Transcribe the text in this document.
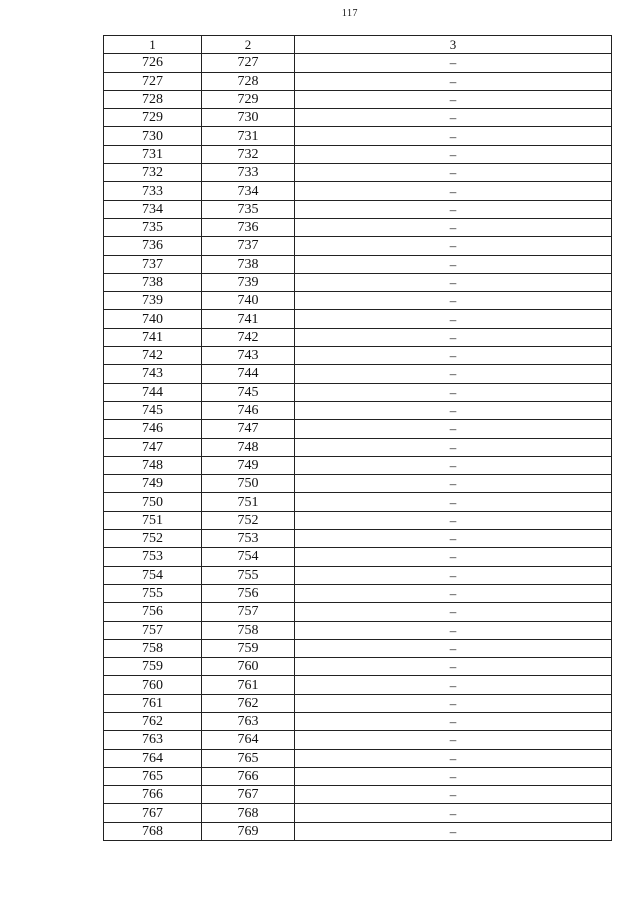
117
1	2	3
726	727	–
727	728	–
728	729	–
729	730	–
730	731	–
731	732	–
732	733	–
733	734	–
734	735	–
735	736	–
736	737	–
737	738	–
738	739	–
739	740	–
740	741	–
741	742	–
742	743	–
743	744	–
744	745	–
745	746	–
746	747	–
747	748	–
748	749	–
749	750	–
750	751	–
751	752	–
752	753	–
753	754	–
754	755	–
755	756	–
756	757	–
757	758	–
758	759	–
759	760	–
760	761	–
761	762	–
762	763	–
763	764	–
764	765	–
765	766	–
766	767	–
767	768	–
768	769	–
